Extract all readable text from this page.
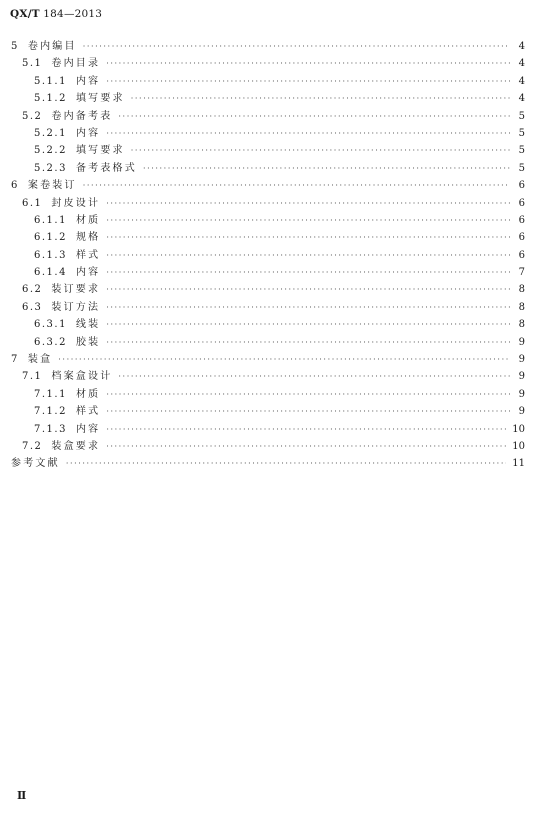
QX/T 184—2013
5 卷内编目 ·····	4
5.1 卷内目录 ·····	4
5.1.1 内容 ·····	4
5.1.2 填写要求 ·····	4
5.2 卷内备考表 ·····	5
5.2.1 内容 ·····	5
5.2.2 填写要求 ·····	5
5.2.3 备考表格式 ·····	5
6 案卷装订 ·····	6
6.1 封皮设计 ·····	6
6.1.1 材质 ·····	6
6.1.2 规格 ·····	6
6.1.3 样式 ·····	6
6.1.4 内容 ·····	7
6.2 装订要求 ·····	8
6.3 装订方法 ·····	8
6.3.1 线装 ·····	8
6.3.2 胶装 ·····	9
7 装盒 ·····	9
7.1 档案盒设计 ·····	9
7.1.1 材质 ·····	9
7.1.2 样式 ·····	9
7.1.3 内容 ·····	10
7.2 装盒要求 ·····	10
参考文献 ·····	11
Ⅱ
